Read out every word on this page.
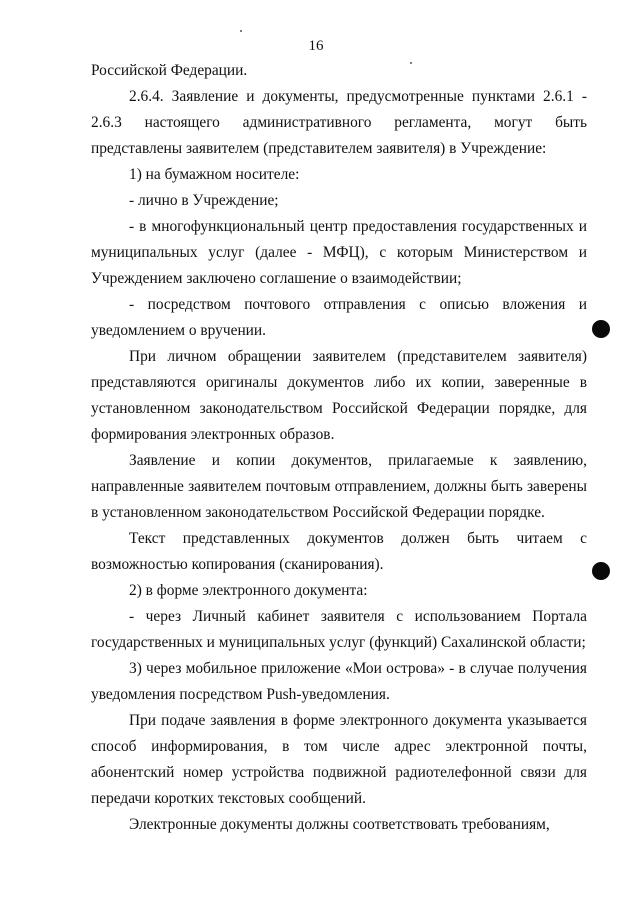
16

Российской Федерации.

2.6.4. Заявление и документы, предусмотренные пунктами 2.6.1 - 2.6.3 настоящего административного регламента, могут быть представлены заявителем (представителем заявителя) в Учреждение:

1) на бумажном носителе:

- лично в Учреждение;

- в многофункциональный центр предоставления государственных и муниципальных услуг (далее - МФЦ), с которым Министерством и Учреждением заключено соглашение о взаимодействии;

- посредством почтового отправления с описью вложения и уведомлением о вручении.

При личном обращении заявителем (представителем заявителя) представляются оригиналы документов либо их копии, заверенные в установленном законодательством Российской Федерации порядке, для формирования электронных образов.

Заявление и копии документов, прилагаемые к заявлению, направленные заявителем почтовым отправлением, должны быть заверены в установленном законодательством Российской Федерации порядке.

Текст представленных документов должен быть читаем с возможностью копирования (сканирования).

2) в форме электронного документа:

- через Личный кабинет заявителя с использованием Портала государственных и муниципальных услуг (функций) Сахалинской области;

3) через мобильное приложение «Мои острова» - в случае получения уведомления посредством Push-уведомления.

При подаче заявления в форме электронного документа указывается способ информирования, в том числе адрес электронной почты, абонентский номер устройства подвижной радиотелефонной связи для передачи коротких текстовых сообщений.

Электронные документы должны соответствовать требованиям,
